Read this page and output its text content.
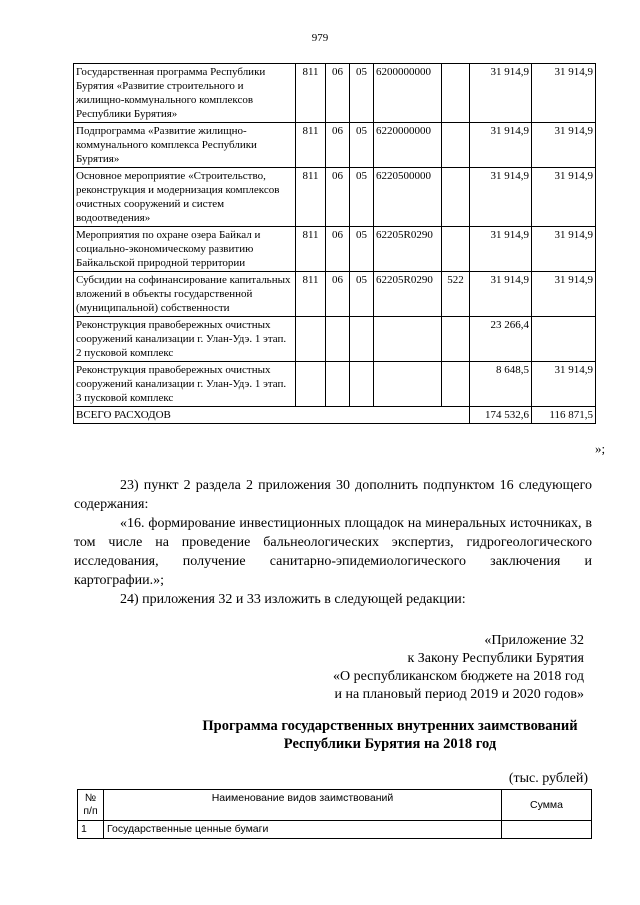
979
Государственная программа Республики Бурятия «Развитие строительного и жилищно-коммунального комплексов Республики Бурятия»	811	06	05	6200000000		31 914,9	31 914,9
Подпрограмма «Развитие жилищно-коммунального комплекса Республики Бурятия»	811	06	05	6220000000		31 914,9	31 914,9
Основное мероприятие «Строительство, реконструкция и модернизация комплексов очистных сооружений и систем водоотведения»	811	06	05	6220500000		31 914,9	31 914,9
Мероприятия по охране озера Байкал и социально-экономическому развитию Байкальской природной территории	811	06	05	62205R0290		31 914,9	31 914,9
Субсидии на софинансирование капитальных вложений в объекты государственной (муниципальной) собственности	811	06	05	62205R0290	522	31 914,9	31 914,9
Реконструкция правобережных очистных сооружений канализации г. Улан-Удэ. 1 этап. 2 пусковой комплекс						23 266,4	
Реконструкция правобережных очистных сооружений канализации г. Улан-Удэ. 1 этап. 3 пусковой комплекс						8 648,5	31 914,9
ВСЕГО РАСХОДОВ						174 532,6	116 871,5
»;
23) пункт 2 раздела 2 приложения 30 дополнить подпунктом 16 следующего содержания:
«16. формирование инвестиционных площадок на минеральных источниках, в том числе на проведение бальнеологических экспертиз, гидрогеологического исследования, получение санитарно-эпидемиологического заключения и картографии.»;
24) приложения 32 и 33 изложить в следующей редакции:
«Приложение 32
к Закону Республики Бурятия
«О республиканском бюджете на 2018 год
и на плановый период 2019 и 2020 годов»
Программа государственных внутренних заимствований
Республики Бурятия на 2018 год
(тыс. рублей)
№ п/п	Наименование видов заимствований	Сумма
1	Государственные ценные бумаги	
